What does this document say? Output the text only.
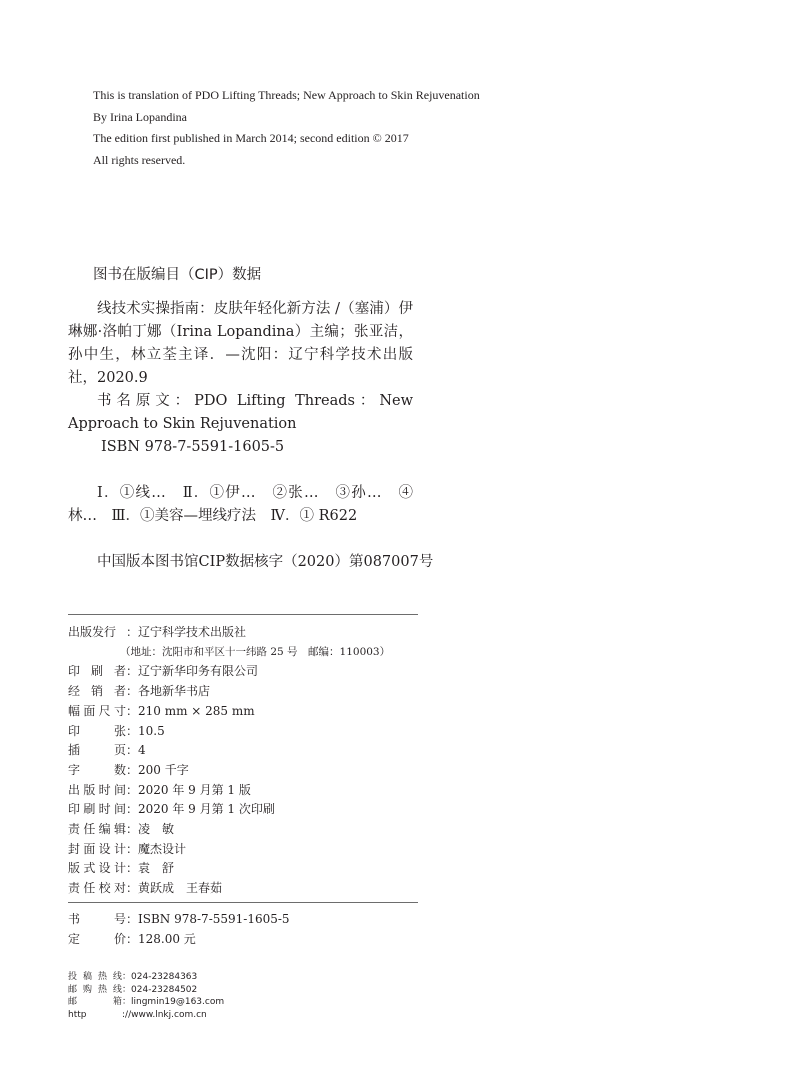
This is translation of PDO Lifting Threads; New Approach to Skin Rejuvenation
By Irina Lopandina
The edition first published in March 2014; second edition © 2017
All rights reserved.
图书在版编目（CIP）数据
线技术实操指南：皮肤年轻化新方法 /（塞浦）伊琳娜·洛帕丁娜（Irina Lopandina）主编；张亚洁，孙中生，林立荃主译．—沈阳：辽宁科学技术出版社，2020.9
书名原文：PDO Lifting Threads：New Approach to Skin Rejuvenation
ISBN 978-7-5591-1605-5
Ⅰ．①线…　Ⅱ．①伊…　②张…　③孙…　④林…　Ⅲ．①美容—埋线疗法　Ⅳ．① R622
中国版本图书馆CIP数据核字（2020）第087007号
出版发行 ： 辽宁科学技术出版社
（地址：沈阳市和平区十一纬路 25 号　邮编：110003）
印 刷 者 ： 辽宁新华印务有限公司
经 销 者 ： 各地新华书店
幅 面 尺 寸 ： 210 mm × 285 mm
印	张 ： 10.5
插	页 ： 4
字	数 ： 200 千字
出 版 时 间 ： 2020 年 9 月第 1 版
印 刷 时 间 ： 2020 年 9 月第 1 次印刷
责 任 编 辑 ： 凌　敏
封 面 设 计 ： 魔杰设计
版 式 设 计 ： 袁　舒
责 任 校 对 ： 黄跃成　王春茹
书	号 ： ISBN 978-7-5591-1605-5
定	价 ： 128.00 元
投 稿 热 线 ： 024-23284363
邮 购 热 线 ： 024-23284502
邮	箱 ： lingmin19@163.com
http	: //www.lnkj.com.cn
